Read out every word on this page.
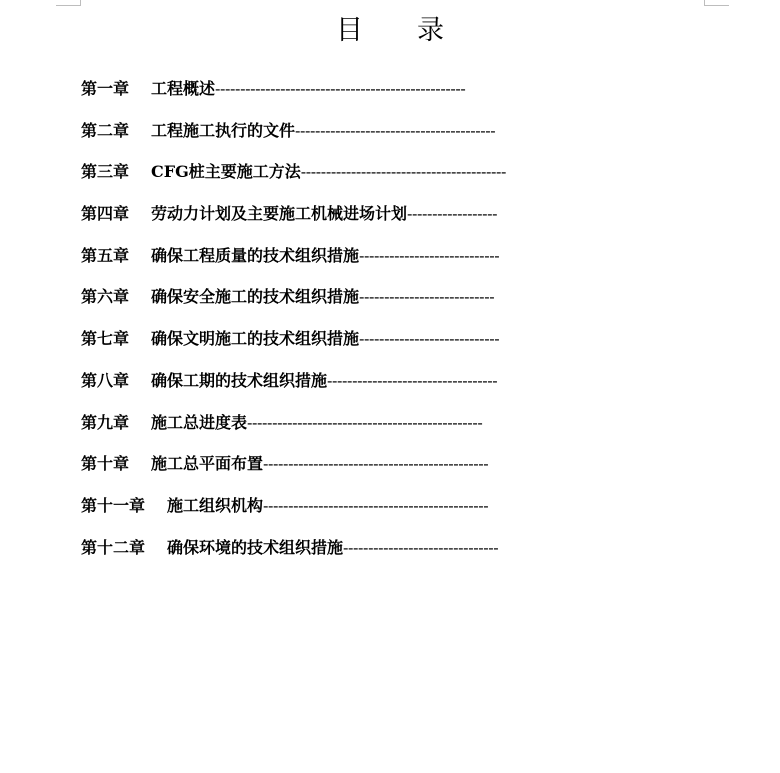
目　　录
第一章 工程概述--------------------------------------------------
第二章 工程施工执行的文件----------------------------------------
第三章 CFG桩主要施工方法-----------------------------------------
第四章 劳动力计划及主要施工机械进场计划------------------
第五章 确保工程质量的技术组织措施----------------------------
第六章 确保安全施工的技术组织措施---------------------------
第七章 确保文明施工的技术组织措施----------------------------
第八章 确保工期的技术组织措施----------------------------------
第九章 施工总进度表-----------------------------------------------
第十章 施工总平面布置---------------------------------------------
第十一章 施工组织机构---------------------------------------------
第十二章 确保环境的技术组织措施-------------------------------
